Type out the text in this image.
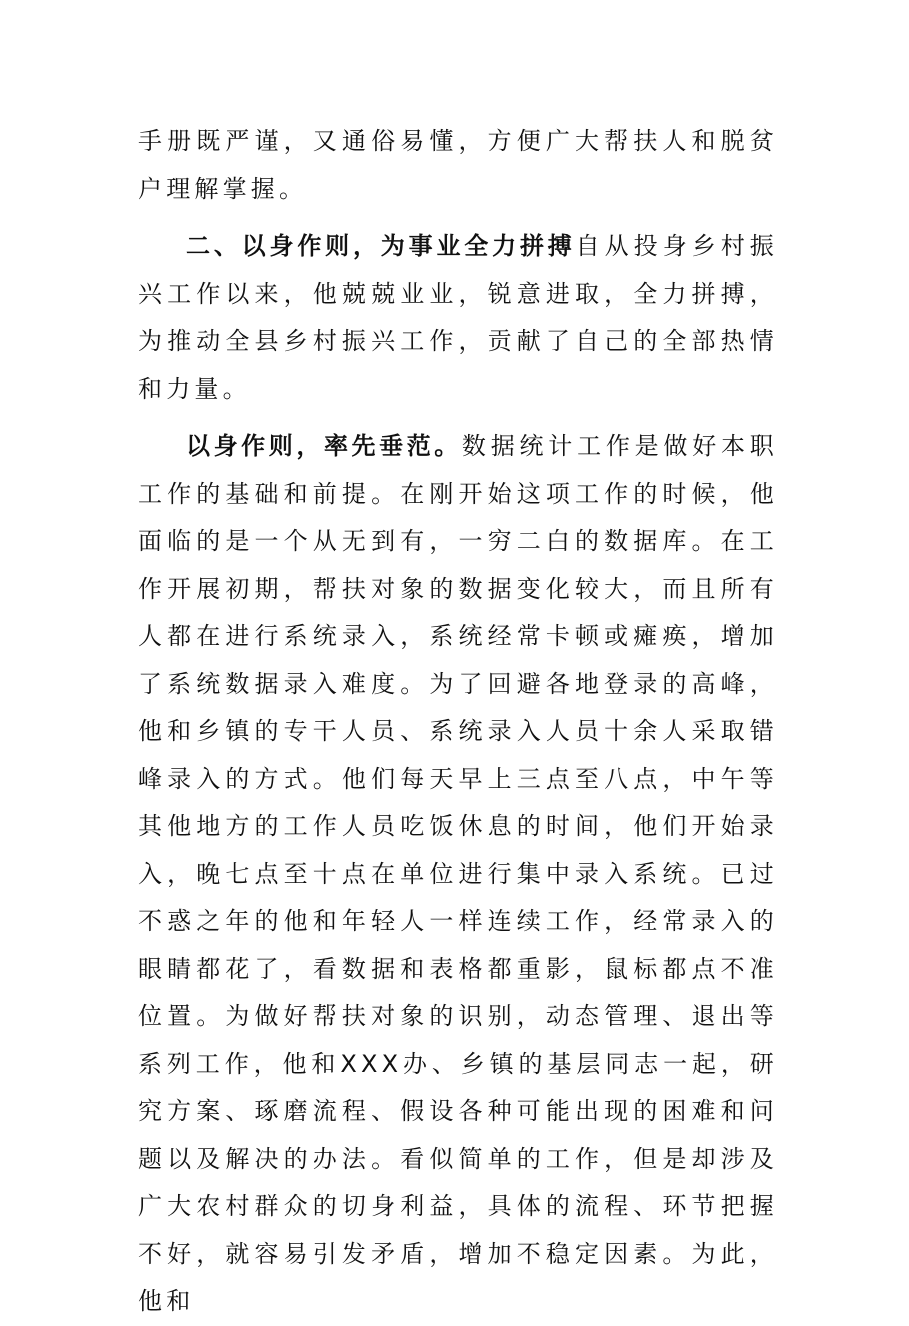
手册既严谨，又通俗易懂，方便广大帮扶人和脱贫户理解掌握。

二、以身作则，为事业全力拼搏自从投身乡村振兴工作以来，他兢兢业业，锐意进取，全力拼搏，为推动全县乡村振兴工作，贡献了自己的全部热情和力量。

以身作则，率先垂范。数据统计工作是做好本职工作的基础和前提。在刚开始这项工作的时候，他面临的是一个从无到有，一穷二白的数据库。在工作开展初期，帮扶对象的数据变化较大，而且所有人都在进行系统录入，系统经常卡顿或瘫痪，增加了系统数据录入难度。为了回避各地登录的高峰，他和乡镇的专干人员、系统录入人员十余人采取错峰录入的方式。他们每天早上三点至八点，中午等其他地方的工作人员吃饭休息的时间，他们开始录入，晚七点至十点在单位进行集中录入系统。已过不惑之年的他和年轻人一样连续工作，经常录入的眼睛都花了，看数据和表格都重影，鼠标都点不准位置。为做好帮扶对象的识别，动态管理、退出等系列工作，他和XXX办、乡镇的基层同志一起，研究方案、琢磨流程、假设各种可能出现的困难和问题以及解决的办法。看似简单的工作，但是却涉及广大农村群众的切身利益，具体的流程、环节把握不好，就容易引发矛盾，增加不稳定因素。为此，他和
